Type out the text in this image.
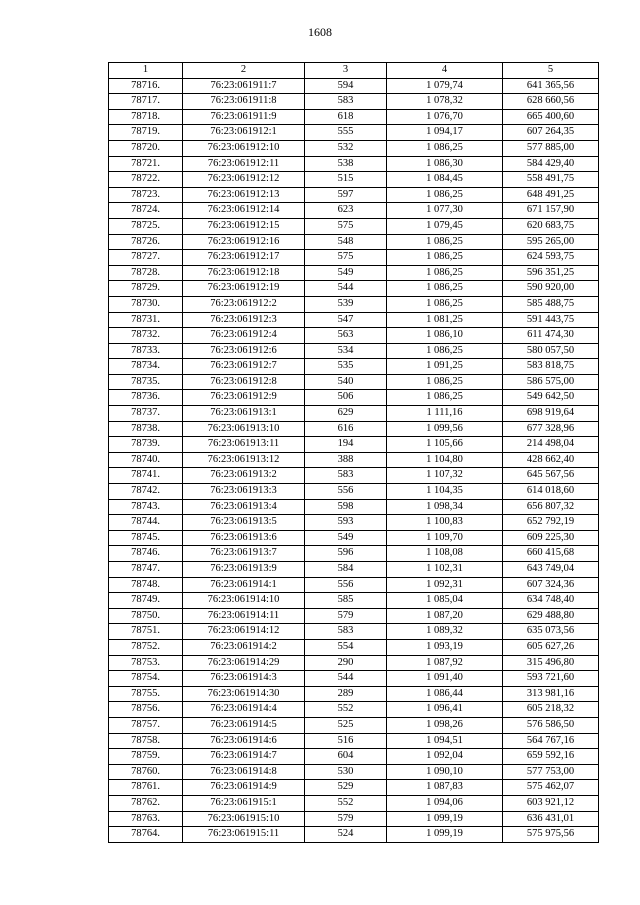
1608
1	2	3	4	5
78716.	76:23:061911:7	594	1 079,74	641 365,56
78717.	76:23:061911:8	583	1 078,32	628 660,56
78718.	76:23:061911:9	618	1 076,70	665 400,60
78719.	76:23:061912:1	555	1 094,17	607 264,35
78720.	76:23:061912:10	532	1 086,25	577 885,00
78721.	76:23:061912:11	538	1 086,30	584 429,40
78722.	76:23:061912:12	515	1 084,45	558 491,75
78723.	76:23:061912:13	597	1 086,25	648 491,25
78724.	76:23:061912:14	623	1 077,30	671 157,90
78725.	76:23:061912:15	575	1 079,45	620 683,75
78726.	76:23:061912:16	548	1 086,25	595 265,00
78727.	76:23:061912:17	575	1 086,25	624 593,75
78728.	76:23:061912:18	549	1 086,25	596 351,25
78729.	76:23:061912:19	544	1 086,25	590 920,00
78730.	76:23:061912:2	539	1 086,25	585 488,75
78731.	76:23:061912:3	547	1 081,25	591 443,75
78732.	76:23:061912:4	563	1 086,10	611 474,30
78733.	76:23:061912:6	534	1 086,25	580 057,50
78734.	76:23:061912:7	535	1 091,25	583 818,75
78735.	76:23:061912:8	540	1 086,25	586 575,00
78736.	76:23:061912:9	506	1 086,25	549 642,50
78737.	76:23:061913:1	629	1 111,16	698 919,64
78738.	76:23:061913:10	616	1 099,56	677 328,96
78739.	76:23:061913:11	194	1 105,66	214 498,04
78740.	76:23:061913:12	388	1 104,80	428 662,40
78741.	76:23:061913:2	583	1 107,32	645 567,56
78742.	76:23:061913:3	556	1 104,35	614 018,60
78743.	76:23:061913:4	598	1 098,34	656 807,32
78744.	76:23:061913:5	593	1 100,83	652 792,19
78745.	76:23:061913:6	549	1 109,70	609 225,30
78746.	76:23:061913:7	596	1 108,08	660 415,68
78747.	76:23:061913:9	584	1 102,31	643 749,04
78748.	76:23:061914:1	556	1 092,31	607 324,36
78749.	76:23:061914:10	585	1 085,04	634 748,40
78750.	76:23:061914:11	579	1 087,20	629 488,80
78751.	76:23:061914:12	583	1 089,32	635 073,56
78752.	76:23:061914:2	554	1 093,19	605 627,26
78753.	76:23:061914:29	290	1 087,92	315 496,80
78754.	76:23:061914:3	544	1 091,40	593 721,60
78755.	76:23:061914:30	289	1 086,44	313 981,16
78756.	76:23:061914:4	552	1 096,41	605 218,32
78757.	76:23:061914:5	525	1 098,26	576 586,50
78758.	76:23:061914:6	516	1 094,51	564 767,16
78759.	76:23:061914:7	604	1 092,04	659 592,16
78760.	76:23:061914:8	530	1 090,10	577 753,00
78761.	76:23:061914:9	529	1 087,83	575 462,07
78762.	76:23:061915:1	552	1 094,06	603 921,12
78763.	76:23:061915:10	579	1 099,19	636 431,01
78764.	76:23:061915:11	524	1 099,19	575 975,56
